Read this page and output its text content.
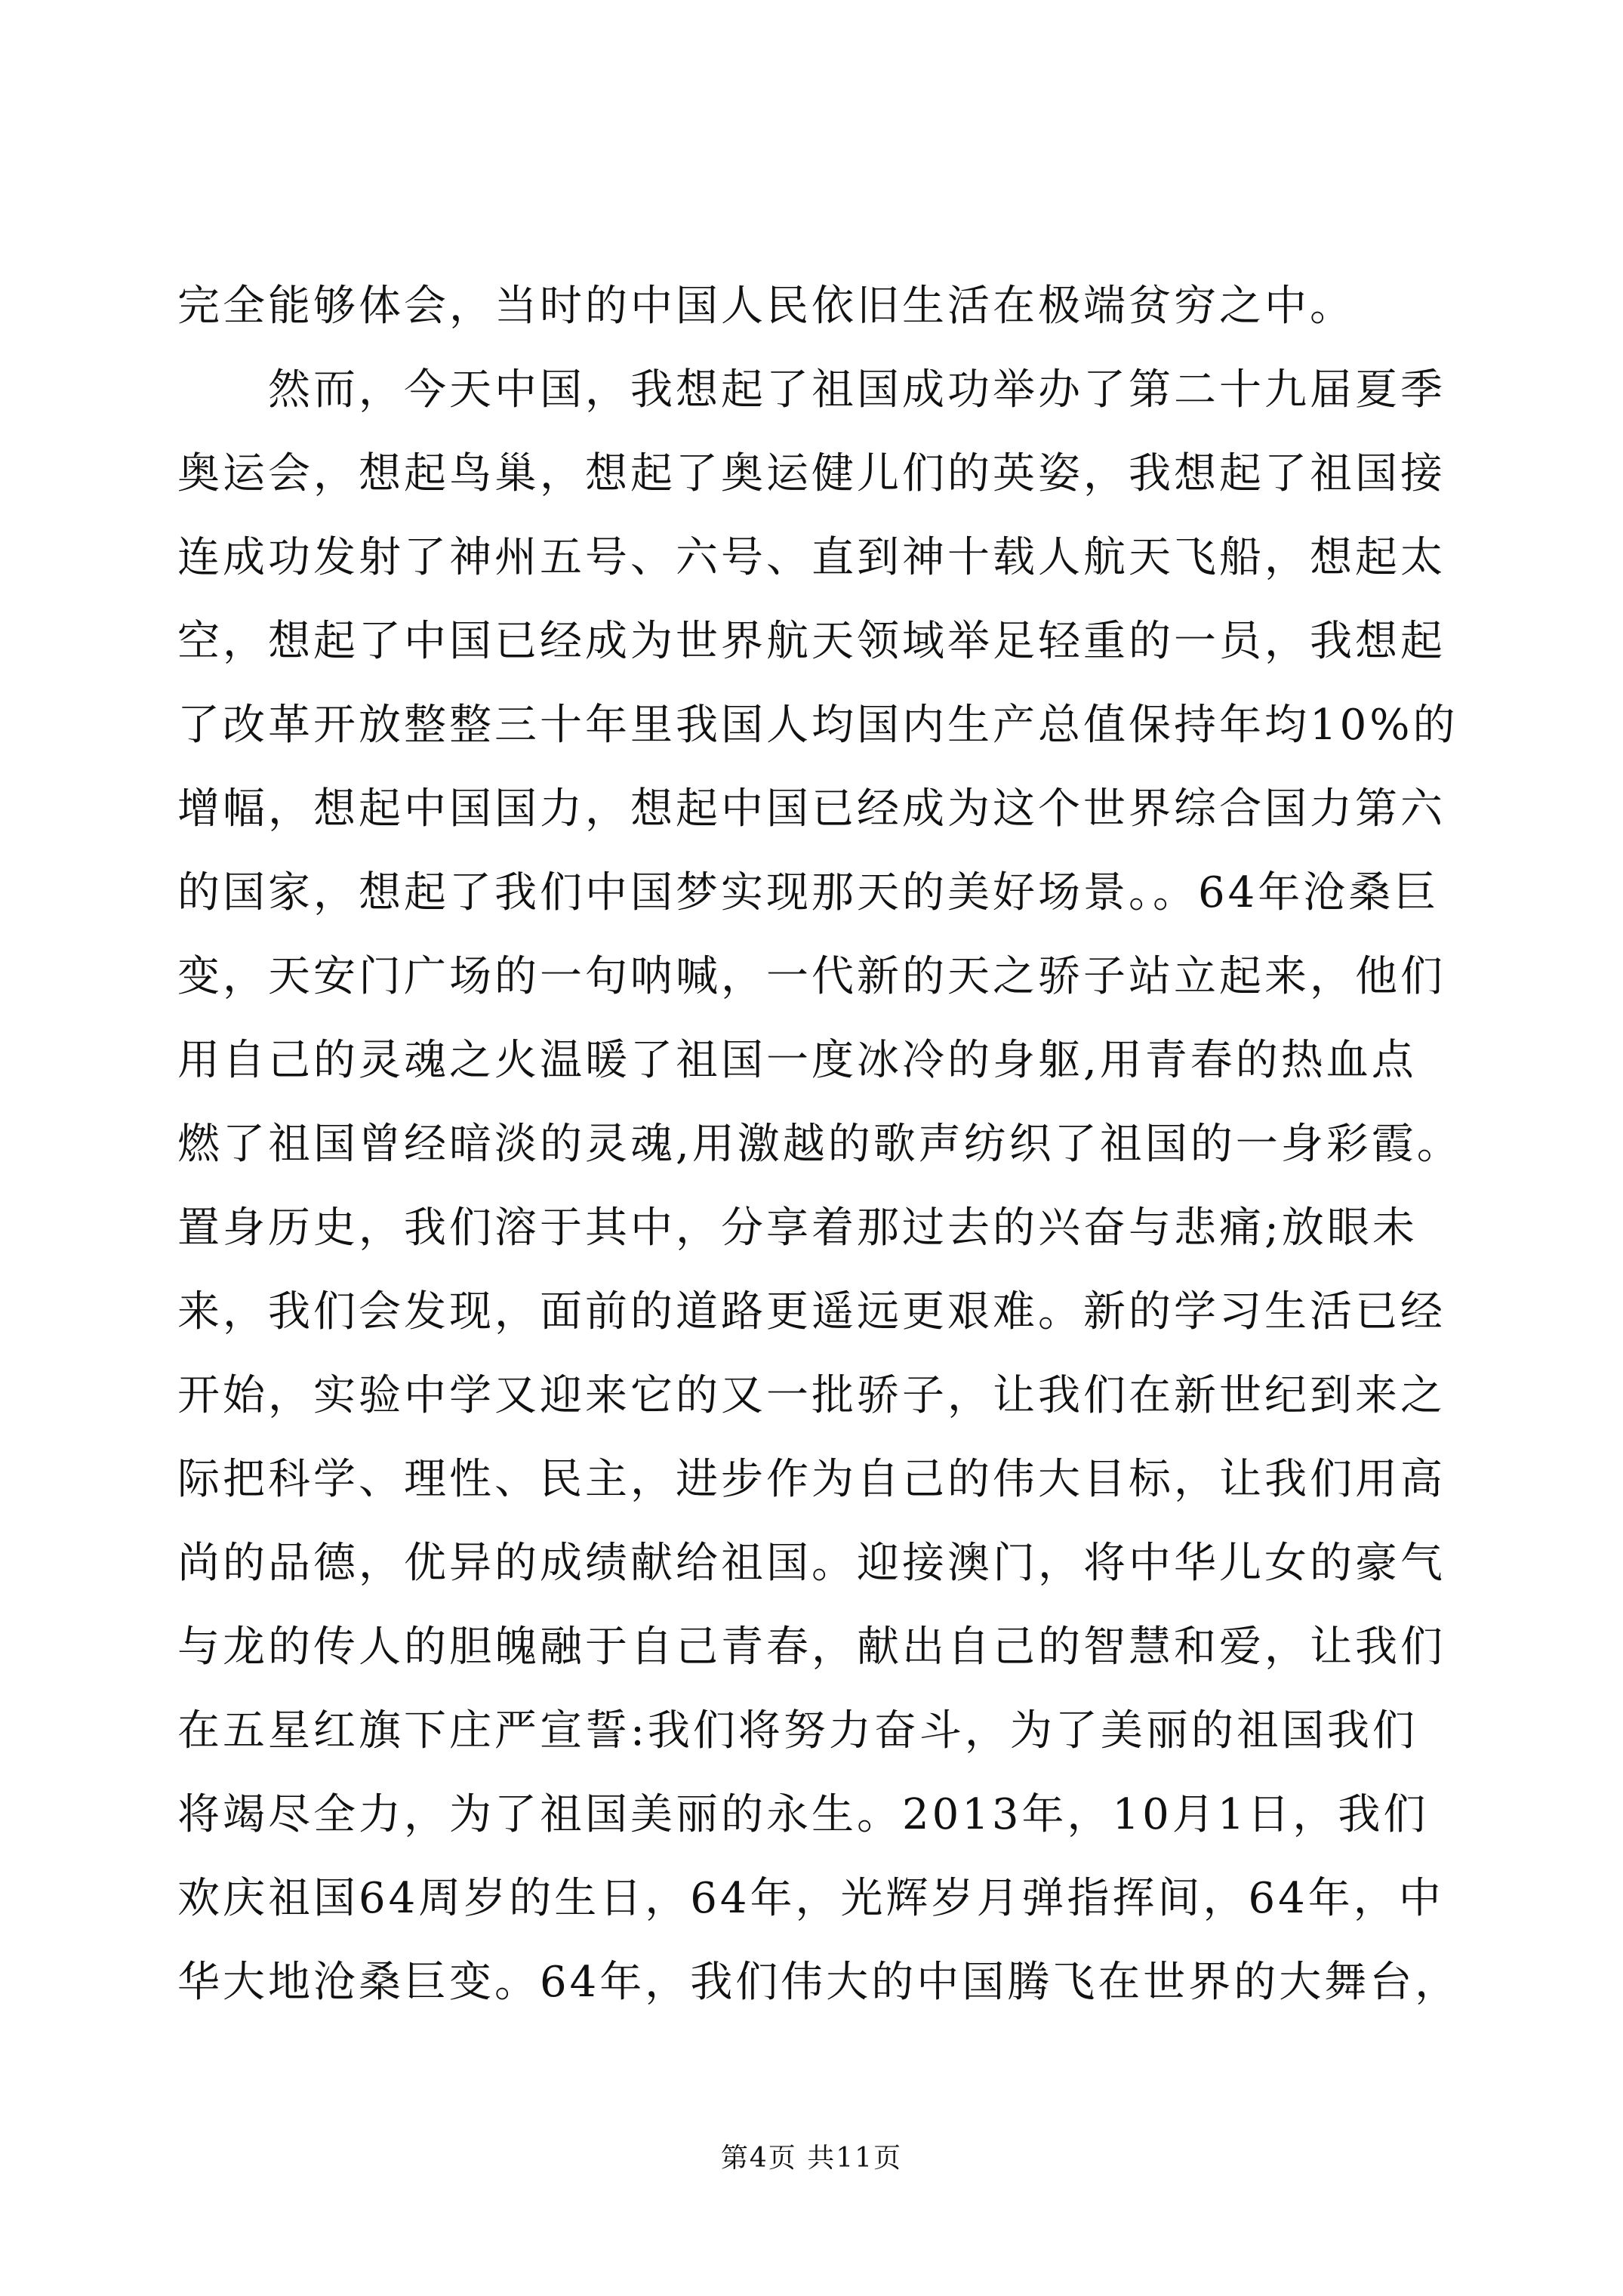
完全能够体会，当时的中国人民依旧生活在极端贫穷之中。
然而，今天中国，我想起了祖国成功举办了第二十九届夏季
奥运会，想起鸟巢，想起了奥运健儿们的英姿，我想起了祖国接
连成功发射了神州五号、六号、直到神十载人航天飞船，想起太
空，想起了中国已经成为世界航天领域举足轻重的一员，我想起
了改革开放整整三十年里我国人均国内生产总值保持年均10%的
增幅，想起中国国力，想起中国已经成为这个世界综合国力第六
的国家，想起了我们中国梦实现那天的美好场景。。64年沧桑巨
变，天安门广场的一句呐喊，一代新的天之骄子站立起来，他们
用自己的灵魂之火温暖了祖国一度冰冷的身躯,用青春的热血点
燃了祖国曾经暗淡的灵魂,用激越的歌声纺织了祖国的一身彩霞。
置身历史，我们溶于其中，分享着那过去的兴奋与悲痛;放眼未
来，我们会发现，面前的道路更遥远更艰难。新的学习生活已经
开始，实验中学又迎来它的又一批骄子，让我们在新世纪到来之
际把科学、理性、民主，进步作为自己的伟大目标，让我们用高
尚的品德，优异的成绩献给祖国。迎接澳门，将中华儿女的豪气
与龙的传人的胆魄融于自己青春，献出自己的智慧和爱，让我们
在五星红旗下庄严宣誓:我们将努力奋斗，为了美丽的祖国我们
将竭尽全力，为了祖国美丽的永生。2013年，10月1日，我们
欢庆祖国64周岁的生日，64年，光辉岁月弹指挥间，64年，中
华大地沧桑巨变。64年，我们伟大的中国腾飞在世界的大舞台，
第4页 共11页
